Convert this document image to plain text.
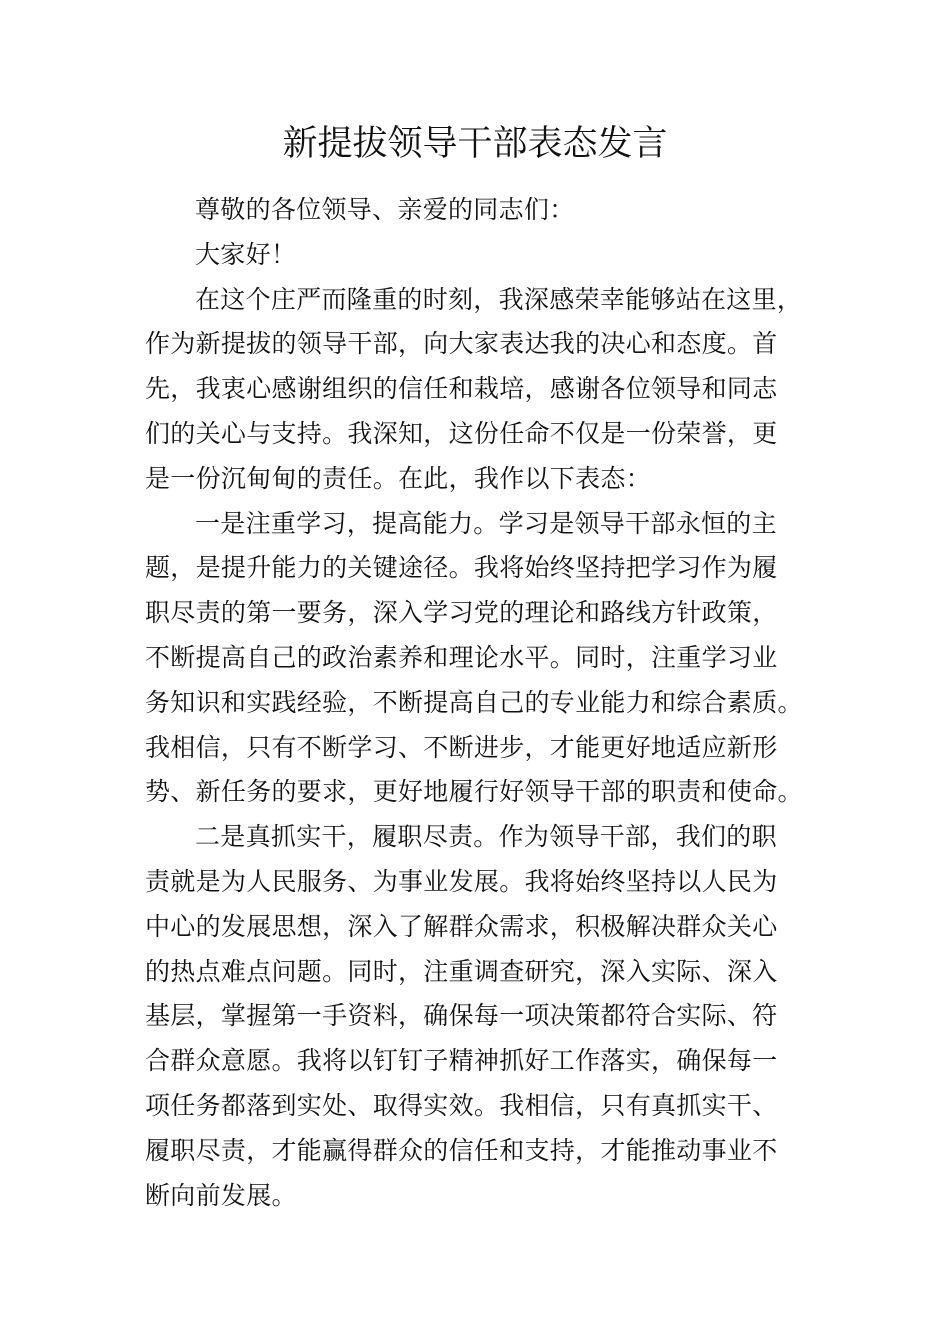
新提拔领导干部表态发言
尊敬的各位领导、亲爱的同志们：
大家好！
在这个庄严而隆重的时刻，我深感荣幸能够站在这里，
作为新提拔的领导干部，向大家表达我的决心和态度。首
先，我衷心感谢组织的信任和栽培，感谢各位领导和同志
们的关心与支持。我深知，这份任命不仅是一份荣誉，更
是一份沉甸甸的责任。在此，我作以下表态：
一是注重学习，提高能力。学习是领导干部永恒的主
题，是提升能力的关键途径。我将始终坚持把学习作为履
职尽责的第一要务，深入学习党的理论和路线方针政策，
不断提高自己的政治素养和理论水平。同时，注重学习业
务知识和实践经验，不断提高自己的专业能力和综合素质。
我相信，只有不断学习、不断进步，才能更好地适应新形
势、新任务的要求，更好地履行好领导干部的职责和使命。
二是真抓实干，履职尽责。作为领导干部，我们的职
责就是为人民服务、为事业发展。我将始终坚持以人民为
中心的发展思想，深入了解群众需求，积极解决群众关心
的热点难点问题。同时，注重调查研究，深入实际、深入
基层，掌握第一手资料，确保每一项决策都符合实际、符
合群众意愿。我将以钉钉子精神抓好工作落实，确保每一
项任务都落到实处、取得实效。我相信，只有真抓实干、
履职尽责，才能赢得群众的信任和支持，才能推动事业不
断向前发展。
